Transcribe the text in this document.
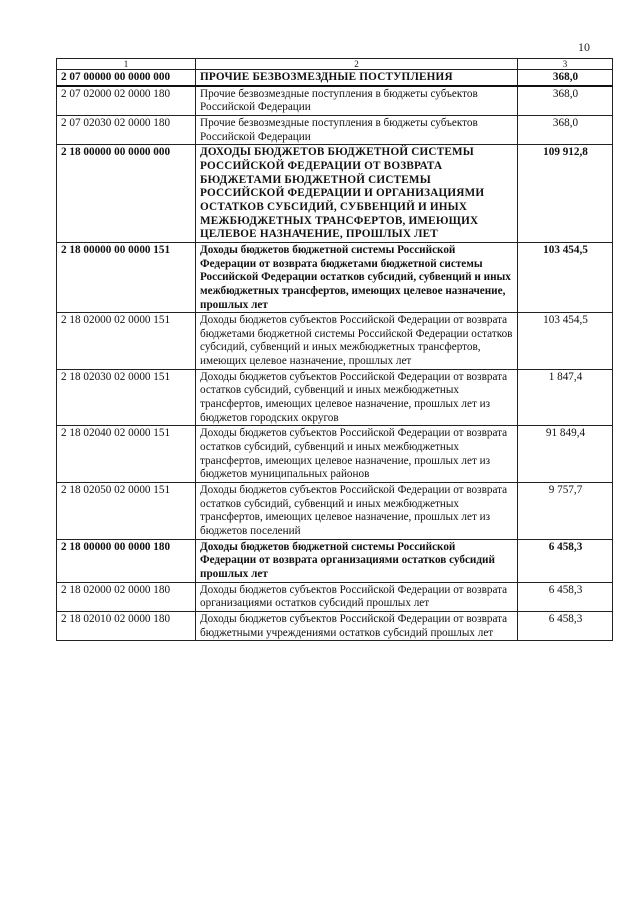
10
1	2	3
2 07 00000 00 0000 000	ПРОЧИЕ БЕЗВОЗМЕЗДНЫЕ ПОСТУПЛЕНИЯ	368,0
2 07 02000 02 0000 180	Прочие безвозмездные поступления в бюджеты субъектов Российской Федерации	368,0
2 07 02030 02 0000 180	Прочие безвозмездные поступления в бюджеты субъектов Российской Федерации	368,0
2 18 00000 00 0000 000	ДОХОДЫ БЮДЖЕТОВ БЮДЖЕТНОЙ СИСТЕМЫ РОССИЙСКОЙ ФЕДЕРАЦИИ ОТ ВОЗВРАТА БЮДЖЕТАМИ БЮДЖЕТНОЙ СИСТЕМЫ РОССИЙСКОЙ ФЕДЕРАЦИИ И ОРГАНИЗАЦИЯМИ ОСТАТКОВ СУБСИДИЙ, СУБВЕНЦИЙ И ИНЫХ МЕЖБЮДЖЕТНЫХ ТРАНСФЕРТОВ, ИМЕЮЩИХ ЦЕЛЕВОЕ НАЗНАЧЕНИЕ, ПРОШЛЫХ ЛЕТ	109 912,8
2 18 00000 00 0000 151	Доходы бюджетов бюджетной системы Российской Федерации от возврата бюджетами бюджетной системы Российской Федерации остатков субсидий, субвенций и иных межбюджетных трансфертов, имеющих целевое назначение, прошлых лет	103 454,5
2 18 02000 02 0000 151	Доходы бюджетов субъектов Российской Федерации от возврата бюджетами бюджетной системы Российской Федерации остатков субсидий, субвенций и иных межбюджетных трансфертов, имеющих целевое назначение, прошлых лет	103 454,5
2 18 02030 02 0000 151	Доходы бюджетов субъектов Российской Федерации от возврата остатков субсидий, субвенций и иных межбюджетных трансфертов, имеющих целевое назначение, прошлых лет из бюджетов городских округов	1 847,4
2 18 02040 02 0000 151	Доходы бюджетов субъектов Российской Федерации от возврата остатков субсидий, субвенций и иных межбюджетных трансфертов, имеющих целевое назначение, прошлых лет из бюджетов муниципальных районов	91 849,4
2 18 02050 02 0000 151	Доходы бюджетов субъектов Российской Федерации от возврата остатков субсидий, субвенций и иных межбюджетных трансфертов, имеющих целевое назначение, прошлых лет из бюджетов поселений	9 757,7
2 18 00000 00 0000 180	Доходы бюджетов бюджетной системы Российской Федерации от возврата организациями остатков субсидий прошлых лет	6 458,3
2 18 02000 02 0000 180	Доходы бюджетов субъектов Российской Федерации от возврата организациями остатков субсидий прошлых лет	6 458,3
2 18 02010 02 0000 180	Доходы бюджетов субъектов Российской Федерации от возврата бюджетными учреждениями остатков субсидий прошлых лет	6 458,3
